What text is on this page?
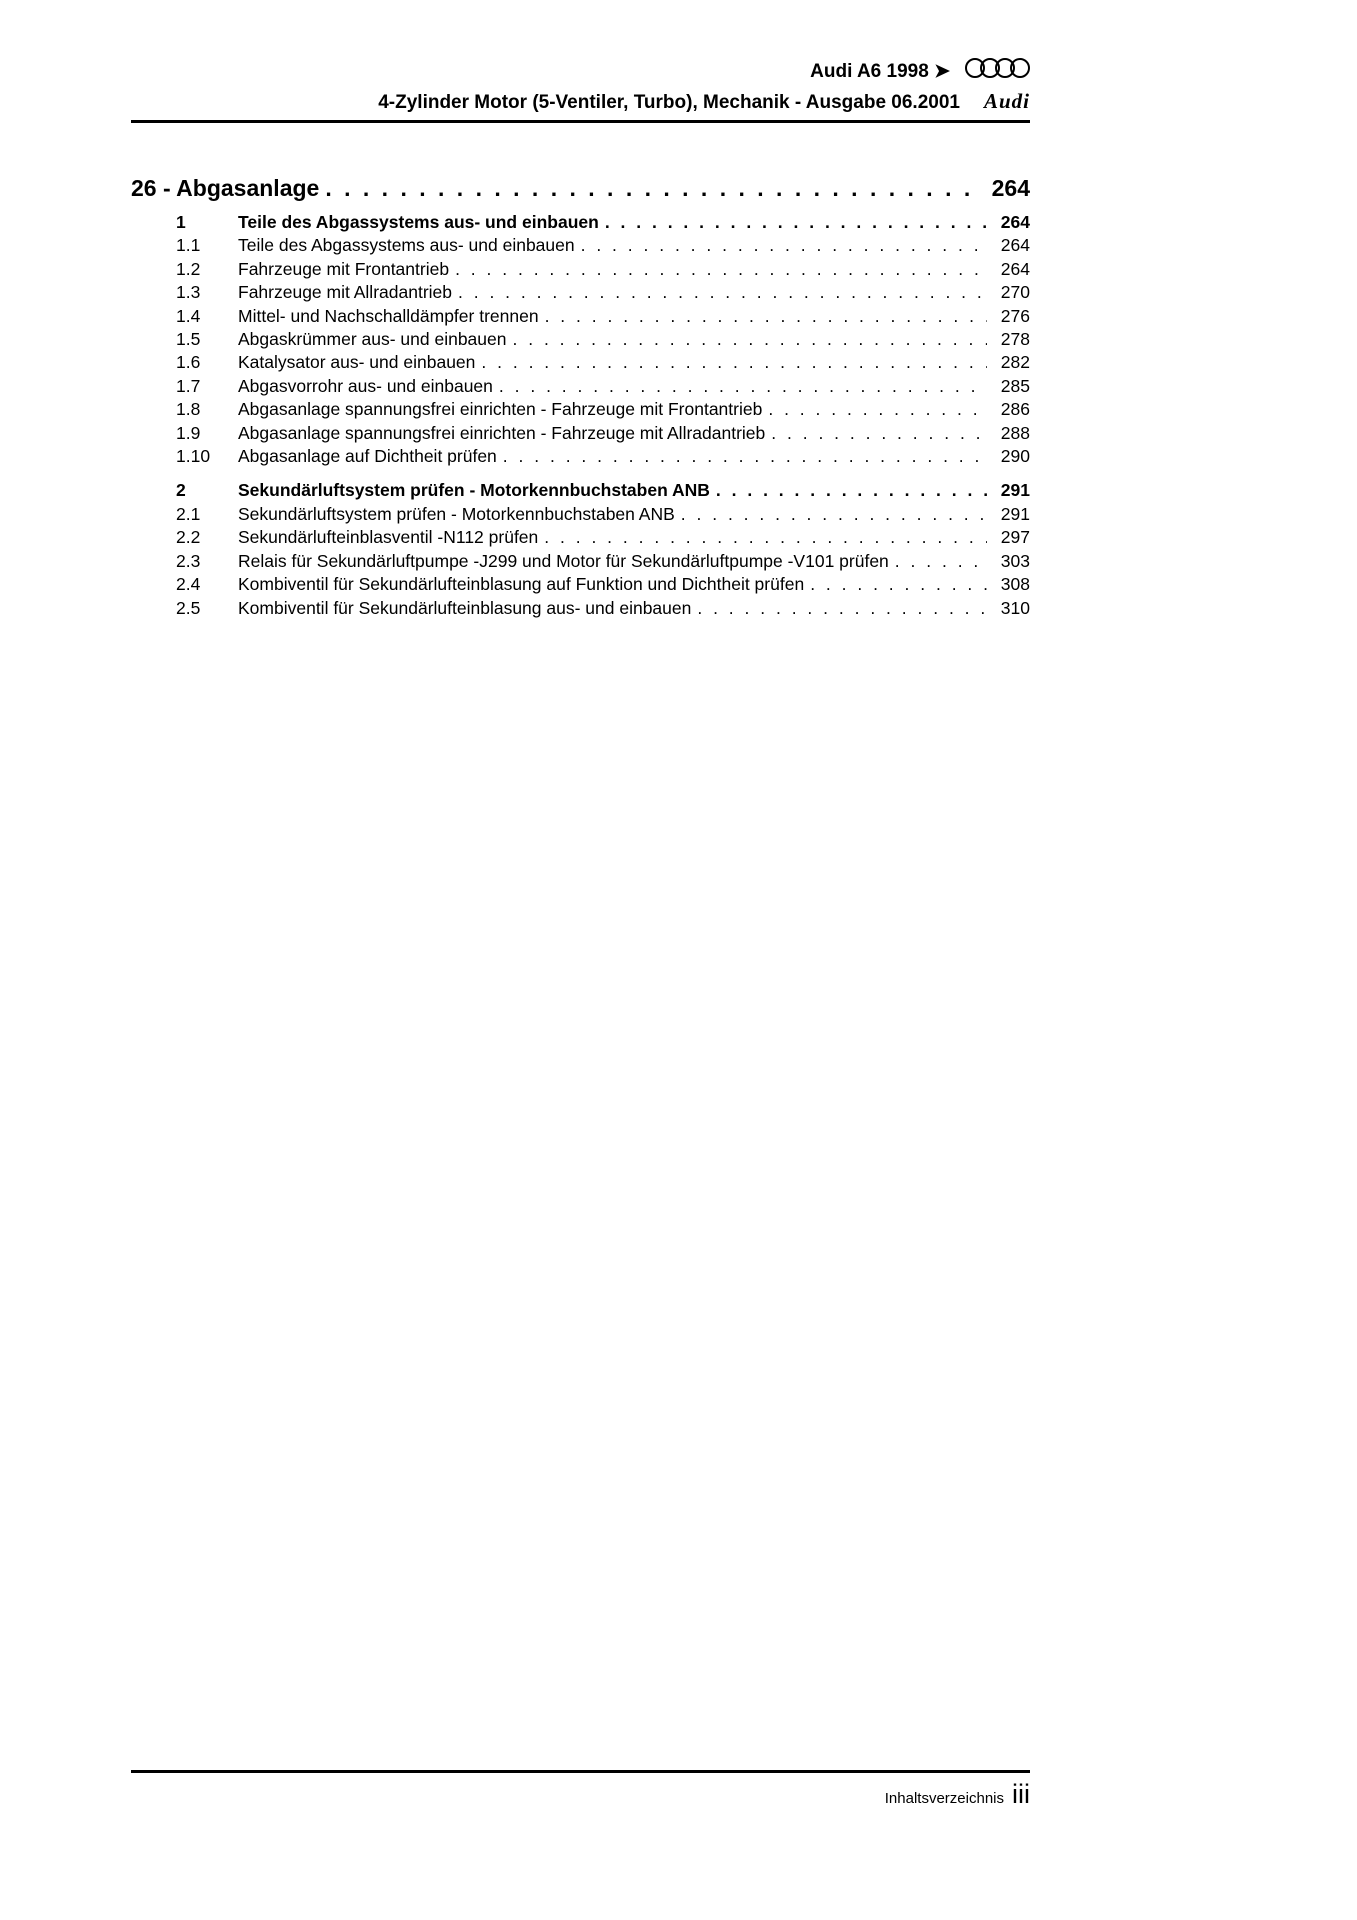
Audi A6 1998 ➤
4-Zylinder Motor (5-Ventiler, Turbo), Mechanik - Ausgabe 06.2001 Audi
26 - Abgasanlage . . .	264
1	Teile des Abgassystems aus- und einbauen . . .	264
1.1	Teile des Abgassystems aus- und einbauen . . .	264
1.2	Fahrzeuge mit Frontantrieb . . .	264
1.3	Fahrzeuge mit Allradantrieb . . .	270
1.4	Mittel- und Nachschalldämpfer trennen . . .	276
1.5	Abgaskrümmer aus- und einbauen . . .	278
1.6	Katalysator aus- und einbauen . . .	282
1.7	Abgasvorrohr aus- und einbauen . . .	285
1.8	Abgasanlage spannungsfrei einrichten - Fahrzeuge mit Frontantrieb . . .	286
1.9	Abgasanlage spannungsfrei einrichten - Fahrzeuge mit Allradantrieb . . .	288
1.10	Abgasanlage auf Dichtheit prüfen . . .	290
2	Sekundärluftsystem prüfen - Motorkennbuchstaben ANB . . .	291
2.1	Sekundärluftsystem prüfen - Motorkennbuchstaben ANB . . .	291
2.2	Sekundärlufteinblasventil -N112 prüfen . . .	297
2.3	Relais für Sekundärluftpumpe -J299 und Motor für Sekundärluftpumpe -V101 prüfen . . .	303
2.4	Kombiventil für Sekundärlufteinblasung auf Funktion und Dichtheit prüfen . . .	308
2.5	Kombiventil für Sekundärlufteinblasung aus- und einbauen . . .	310
Inhaltsverzeichnis iii
